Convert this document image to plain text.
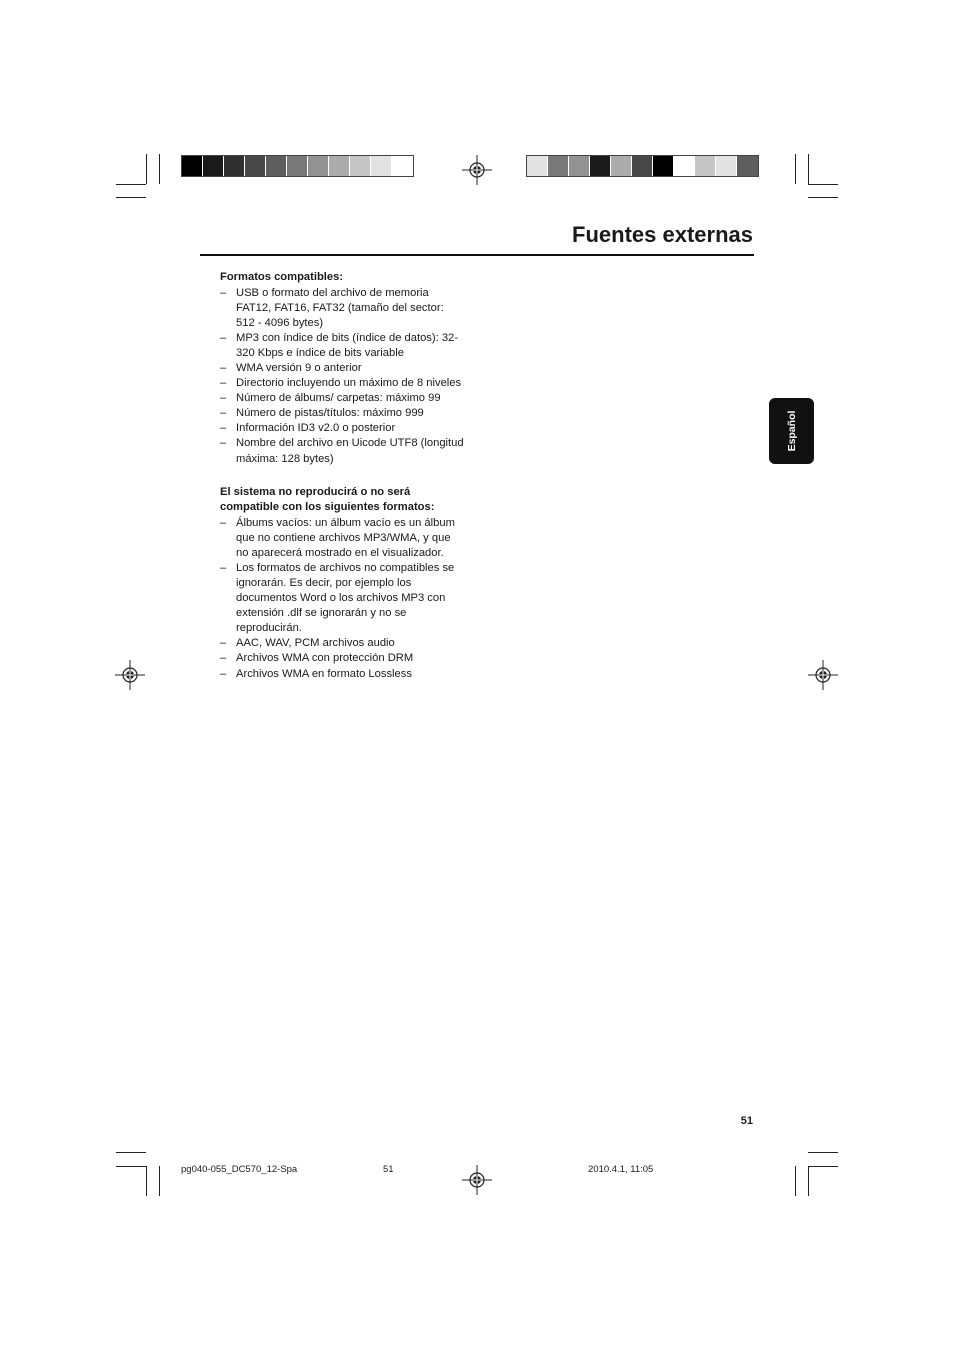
Fuentes externas
Formatos compatibles:
– USB o formato del archivo de memoria FAT12, FAT16, FAT32 (tamaño del sector: 512 - 4096 bytes)
– MP3 con índice de bits (índice de datos): 32-320 Kbps e índice de bits variable
– WMA versión 9 o anterior
– Directorio incluyendo un máximo de 8 niveles
– Número de álbums/ carpetas: máximo 99
– Número de pistas/títulos: máximo 999
– Información ID3 v2.0 o posterior
– Nombre del archivo en Uicode UTF8 (longitud máxima: 128 bytes)
El sistema no reproducirá o no será compatible con los siguientes formatos:
– Álbums vacíos: un álbum vacío es un álbum que no contiene archivos MP3/WMA, y que no aparecerá mostrado en el visualizador.
– Los formatos de archivos no compatibles se ignorarán. Es decir, por ejemplo los documentos Word o los archivos MP3 con extensión .dlf se ignorarán y no se reproducirán.
– AAC, WAV, PCM archivos audio
– Archivos WMA con protección DRM
– Archivos WMA en formato Lossless
Español
51
pg040-055_DC570_12-Spa	51	2010.4.1, 11:05
